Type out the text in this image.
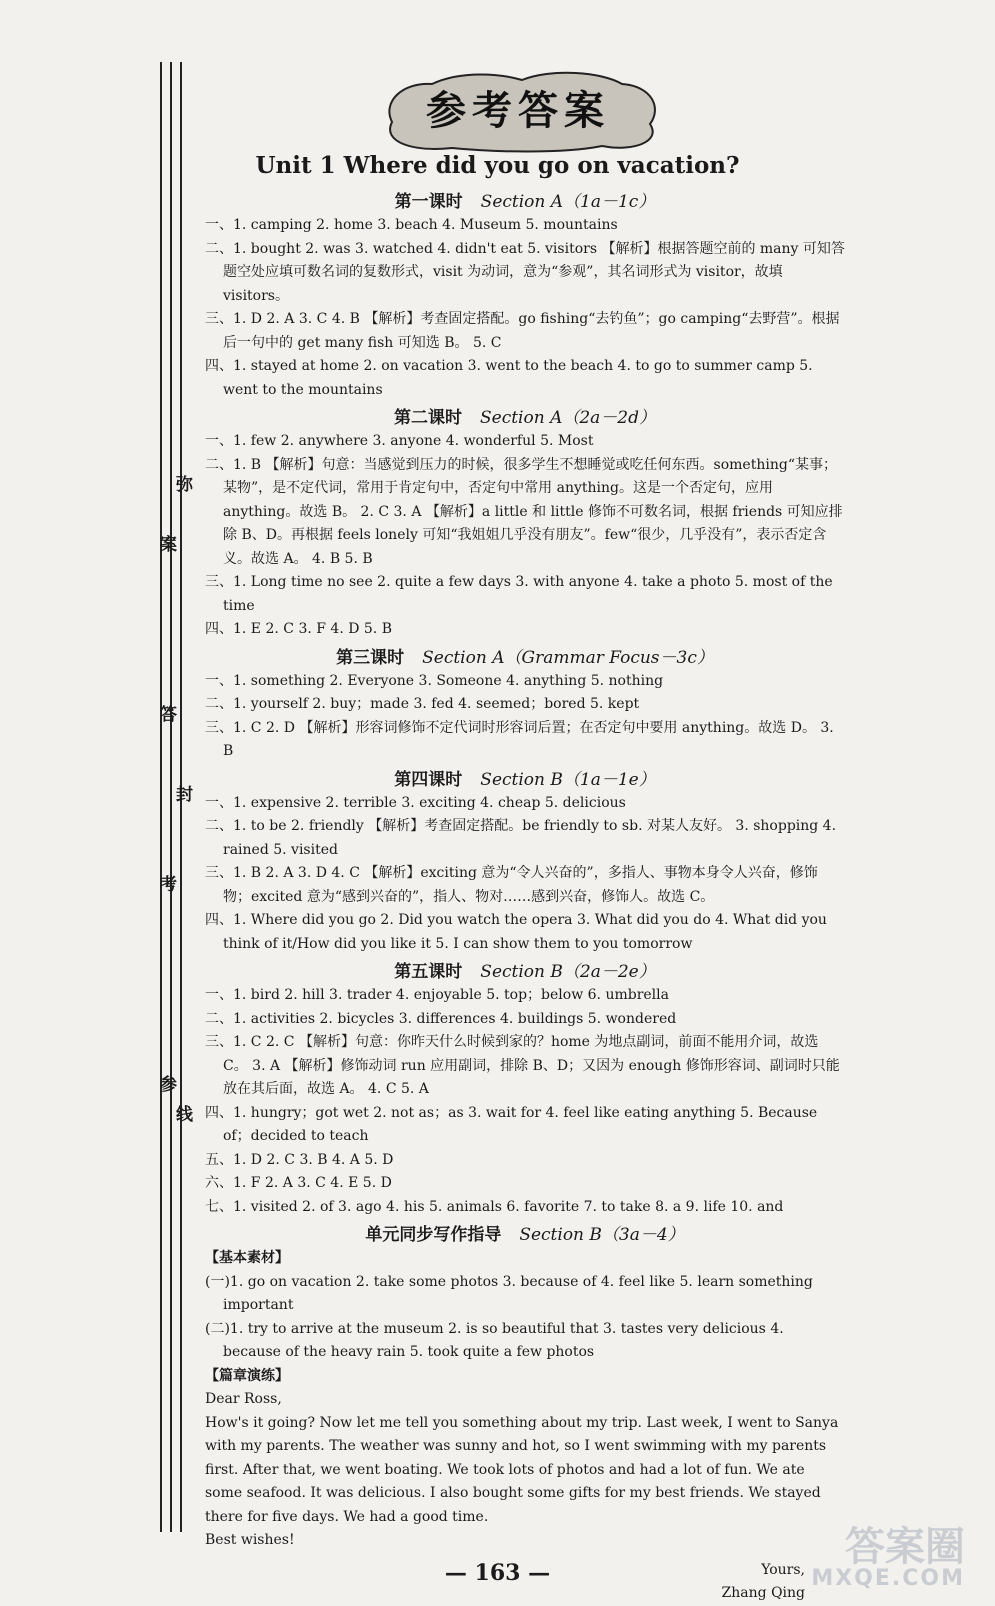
弥
案
答
封
考
参
线
参考答案
Unit 1 Where did you go on vacation?
第一课时 Section A（1a－1c）

一、1. camping 2. home 3. beach 4. Museum 5. mountains

二、1. bought 2. was 3. watched 4. didn't eat 5. visitors 【解析】根据答题空前的 many 可知答题空处应填可数名词的复数形式，visit 为动词，意为“参观”，其名词形式为 visitor，故填 visitors。

三、1. D 2. A 3. C 4. B 【解析】考查固定搭配。go fishing“去钓鱼”；go camping“去野营”。根据后一句中的 get many fish 可知选 B。 5. C

四、1. stayed at home 2. on vacation 3. went to the beach 4. to go to summer camp 5. went to the mountains

第二课时 Section A（2a－2d）

一、1. few 2. anywhere 3. anyone 4. wonderful 5. Most

二、1. B 【解析】句意：当感觉到压力的时候，很多学生不想睡觉或吃任何东西。something“某事；某物”，是不定代词，常用于肯定句中，否定句中常用 anything。这是一个否定句，应用 anything。故选 B。 2. C 3. A 【解析】a little 和 little 修饰不可数名词，根据 friends 可知应排除 B、D。再根据 feels lonely 可知“我姐姐几乎没有朋友”。few“很少，几乎没有”，表示否定含义。故选 A。 4. B 5. B

三、1. Long time no see 2. quite a few days 3. with anyone 4. take a photo 5. most of the time

四、1. E 2. C 3. F 4. D 5. B

第三课时 Section A（Grammar Focus－3c）

一、1. something 2. Everyone 3. Someone 4. anything 5. nothing

二、1. yourself 2. buy；made 3. fed 4. seemed；bored 5. kept

三、1. C 2. D 【解析】形容词修饰不定代词时形容词后置；在否定句中要用 anything。故选 D。 3. B

第四课时 Section B（1a－1e）

一、1. expensive 2. terrible 3. exciting 4. cheap 5. delicious

二、1. to be 2. friendly 【解析】考查固定搭配。be friendly to sb. 对某人友好。 3. shopping 4. rained 5. visited

三、1. B 2. A 3. D 4. C 【解析】exciting 意为“令人兴奋的”，多指人、事物本身令人兴奋，修饰物；excited 意为“感到兴奋的”，指人、物对……感到兴奋，修饰人。故选 C。

四、1. Where did you go 2. Did you watch the opera 3. What did you do 4. What did you think of it/How did you like it 5. I can show them to you tomorrow

第五课时 Section B（2a－2e）

一、1. bird 2. hill 3. trader 4. enjoyable 5. top；below 6. umbrella

二、1. activities 2. bicycles 3. differences 4. buildings 5. wondered

三、1. C 2. C 【解析】句意：你昨天什么时候到家的？home 为地点副词，前面不能用介词，故选 C。 3. A 【解析】修饰动词 run 应用副词，排除 B、D；又因为 enough 修饰形容词、副词时只能放在其后面，故选 A。 4. C 5. A

四、1. hungry；got wet 2. not as；as 3. wait for 4. feel like eating anything 5. Because of；decided to teach

五、1. D 2. C 3. B 4. A 5. D

六、1. F 2. A 3. C 4. E 5. D

七、1. visited 2. of 3. ago 4. his 5. animals 6. favorite 7. to take 8. a 9. life 10. and

单元同步写作指导 Section B（3a－4）

【基本素材】

(一)1. go on vacation 2. take some photos 3. because of 4. feel like 5. learn something important

(二)1. try to arrive at the museum 2. is so beautiful that 3. tastes very delicious 4. because of the heavy rain 5. took quite a few photos

【篇章演练】

Dear Ross,

How's it going? Now let me tell you something about my trip. Last week, I went to Sanya with my parents. The weather was sunny and hot, so I went swimming with my parents first. After that, we went boating. We took lots of photos and had a lot of fun. We ate some seafood. It was delicious. I also bought some gifts for my best friends. We stayed there for five days. We had a good time.

Best wishes!

Yours,

Zhang Qing

— 163 —
答案圈
MXQE.COM
